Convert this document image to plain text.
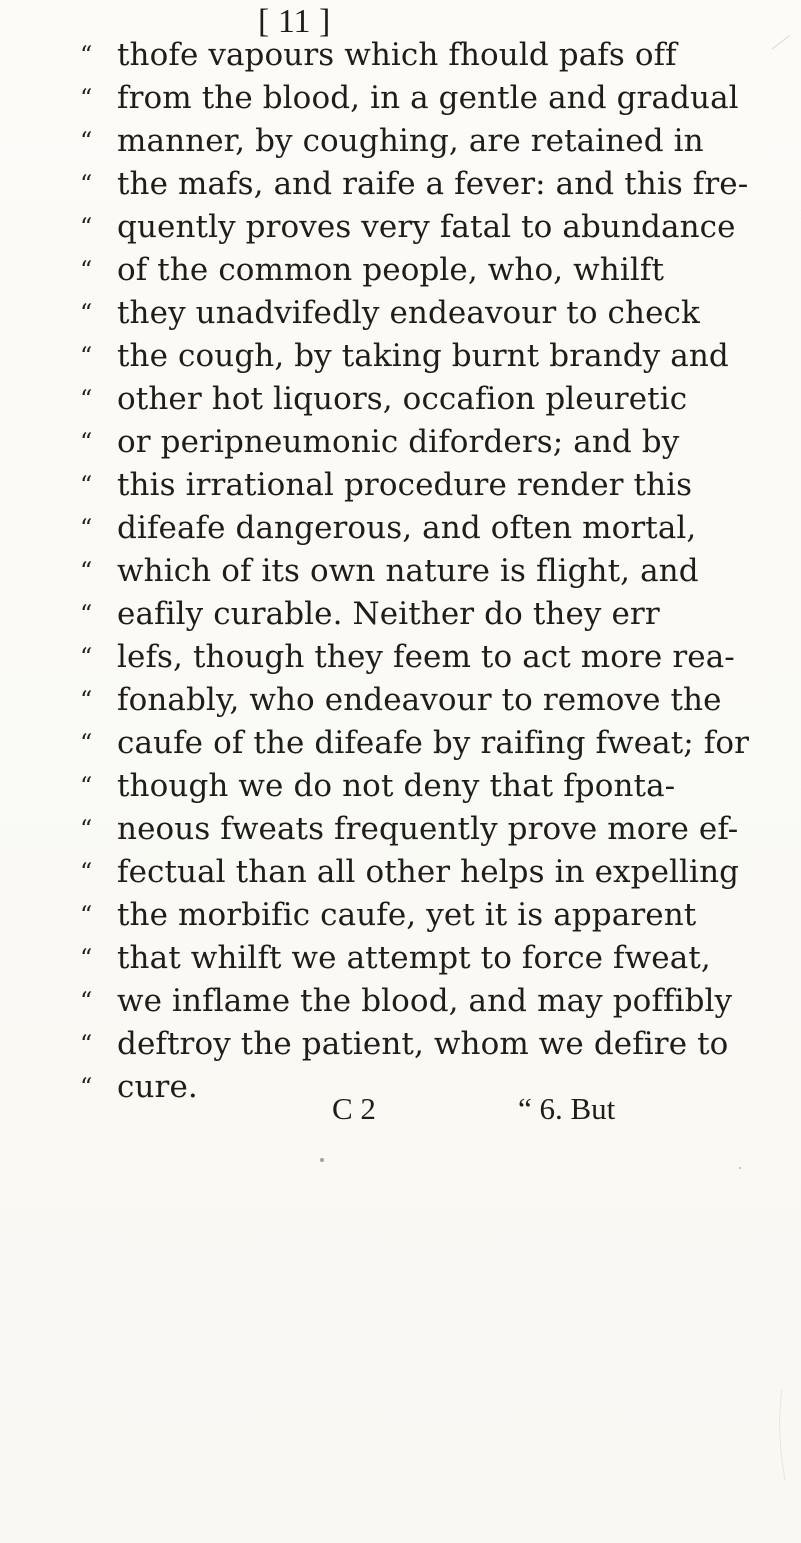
[ 11 ]
“ thofe vapours which fhould pafs off
“ from the blood, in a gentle and gradual
“ manner, by coughing, are retained in
“ the mafs, and raife a fever: and this fre-
“ quently proves very fatal to abundance
“ of the common people, who, whilft
“ they unadvifedly endeavour to check
“ the cough, by taking burnt brandy and
“ other hot liquors, occafion pleuretic
“ or peripneumonic diforders; and by
“ this irrational procedure render this
“ difeafe dangerous, and often mortal,
“ which of its own nature is flight, and
“ eafily curable. Neither do they err
“ lefs, though they feem to act more rea-
“ fonably, who endeavour to remove the
“ caufe of the difeafe by raifing fweat; for
“ though we do not deny that fponta-
“ neous fweats frequently prove more ef-
“ fectual than all other helps in expelling
“ the morbific caufe, yet it is apparent
“ that whilft we attempt to force fweat,
“ we inflame the blood, and may poffibly
“ deftroy the patient, whom we defire to
“ cure.
C 2	“ 6. But
